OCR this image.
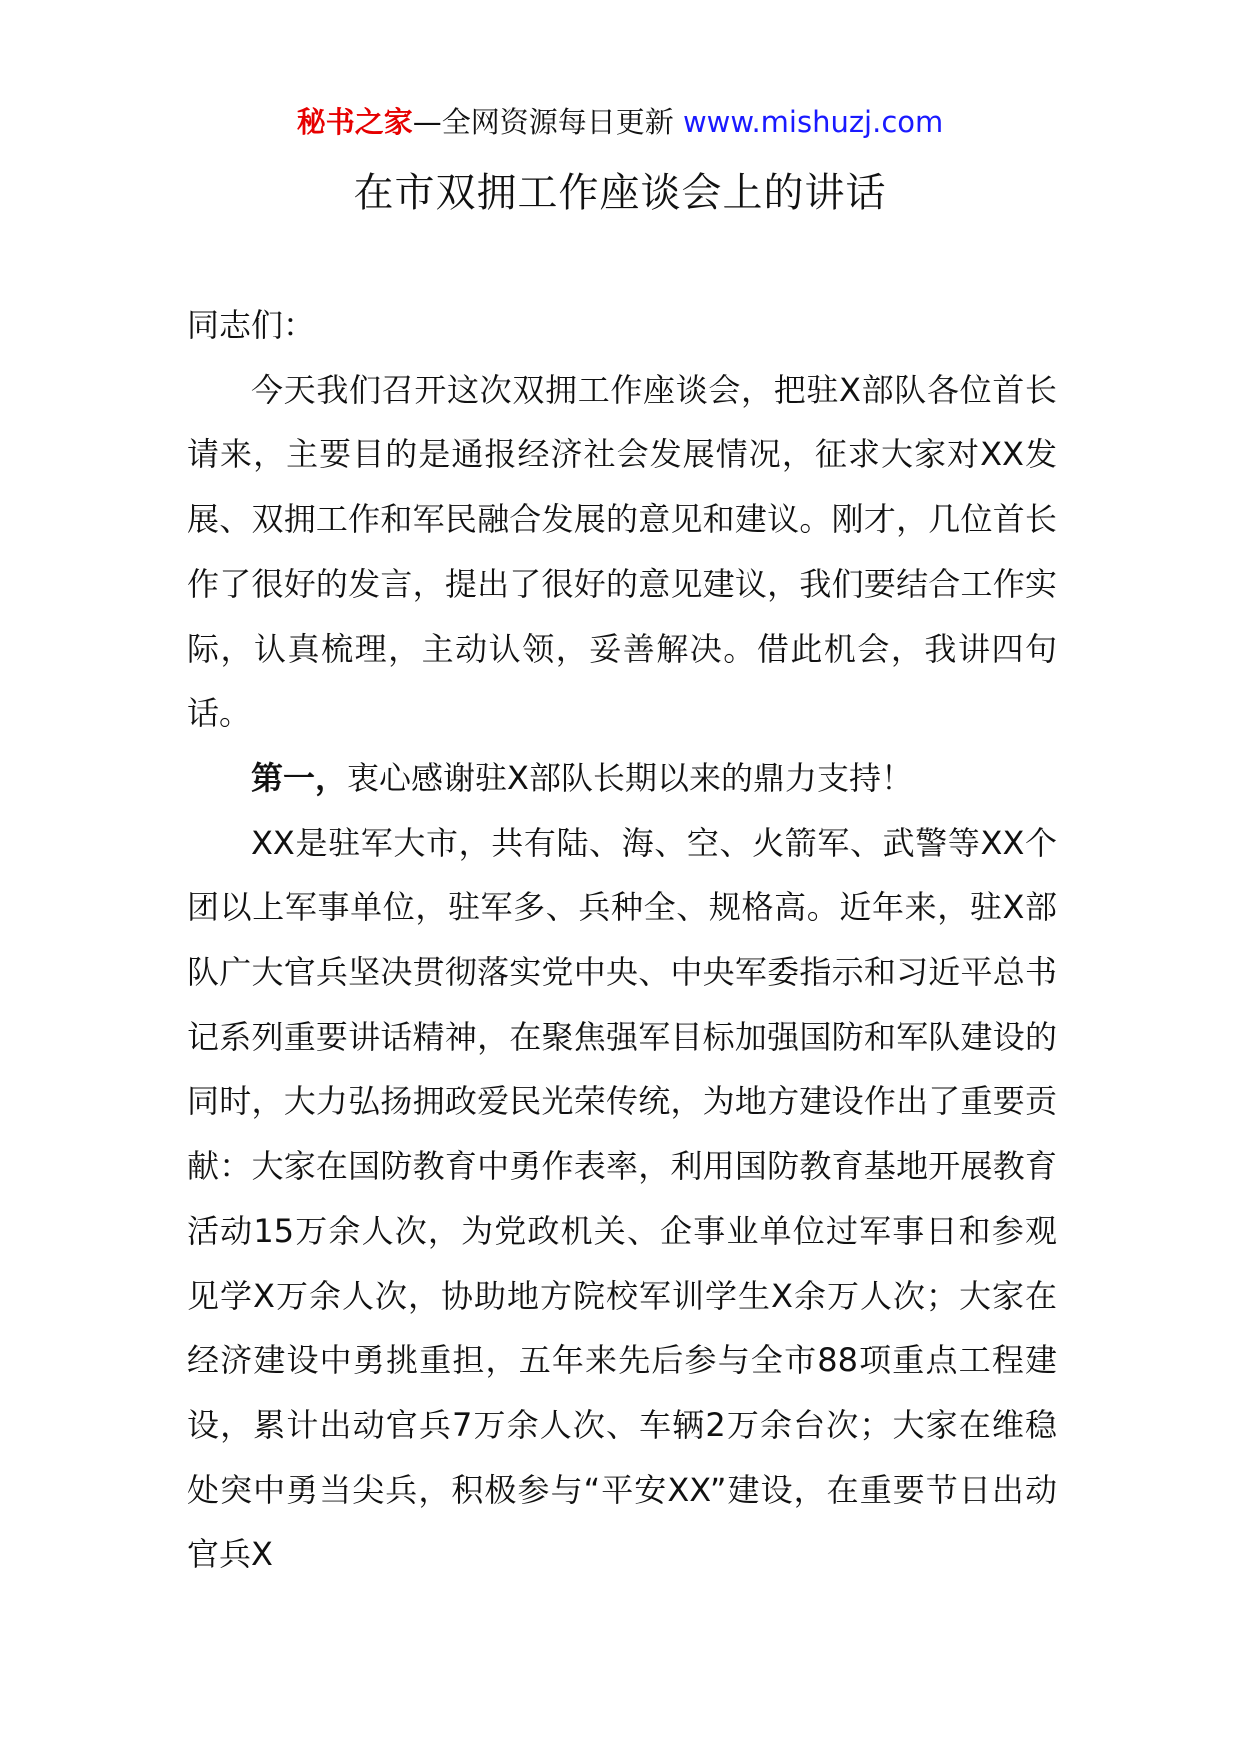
秘书之家—全网资源每日更新 www.mishuzj.com
在市双拥工作座谈会上的讲话

同志们：

今天我们召开这次双拥工作座谈会，把驻X部队各位首长请来，主要目的是通报经济社会发展情况，征求大家对XX发展、双拥工作和军民融合发展的意见和建议。刚才，几位首长作了很好的发言，提出了很好的意见建议，我们要结合工作实际，认真梳理，主动认领，妥善解决。借此机会，我讲四句话。

第一，衷心感谢驻X部队长期以来的鼎力支持！

XX是驻军大市，共有陆、海、空、火箭军、武警等XX个团以上军事单位，驻军多、兵种全、规格高。近年来，驻X部队广大官兵坚决贯彻落实党中央、中央军委指示和习近平总书记系列重要讲话精神，在聚焦强军目标加强国防和军队建设的同时，大力弘扬拥政爱民光荣传统，为地方建设作出了重要贡献：大家在国防教育中勇作表率，利用国防教育基地开展教育活动15万余人次，为党政机关、企事业单位过军事日和参观见学X万余人次，协助地方院校军训学生X余万人次；大家在经济建设中勇挑重担，五年来先后参与全市88项重点工程建设，累计出动官兵7万余人次、车辆2万余台次；大家在维稳处突中勇当尖兵，积极参与“平安XX”建设，在重要节日出动官兵X
